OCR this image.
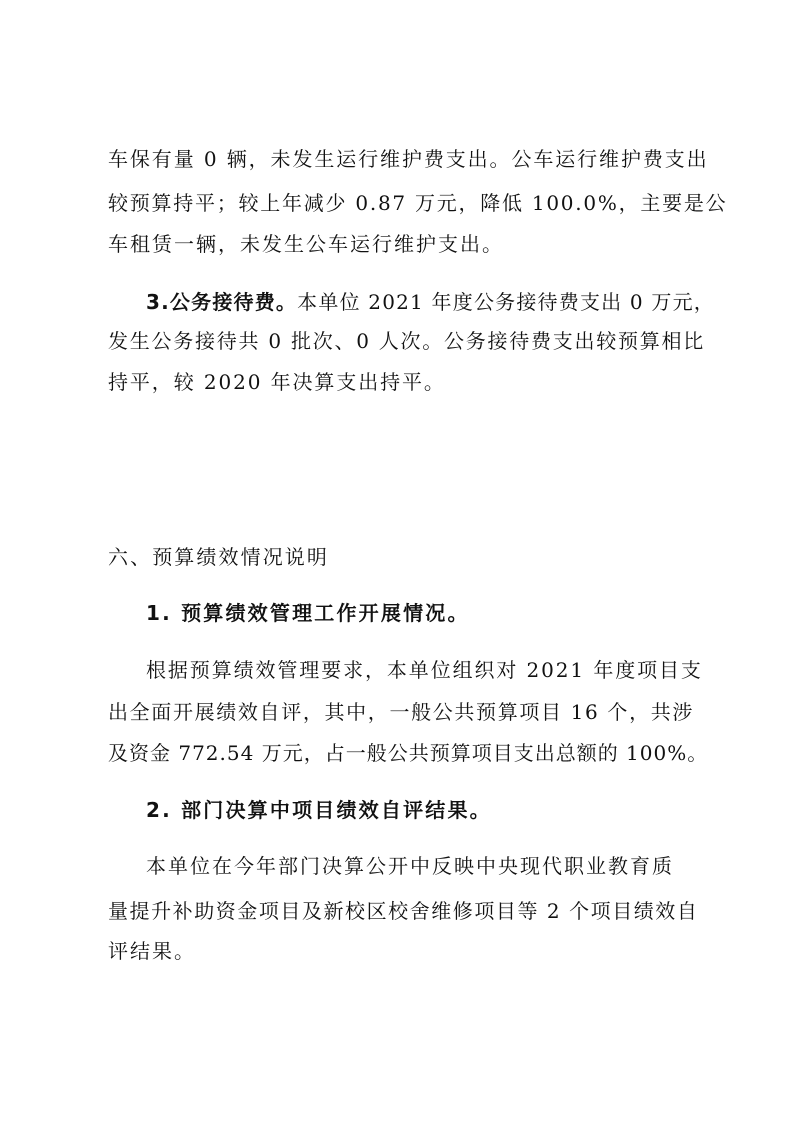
车保有量 0 辆，未发生运行维护费支出。公车运行维护费支出
较预算持平；较上年减少 0.87 万元，降低 100.0%，主要是公
车租赁一辆，未发生公车运行维护支出。
3.公务接待费。本单位 2021 年度公务接待费支出 0 万元，
发生公务接待共 0 批次、0 人次。公务接待费支出较预算相比
持平，较 2020 年决算支出持平。
六、预算绩效情况说明
1. 预算绩效管理工作开展情况。
根据预算绩效管理要求，本单位组织对 2021 年度项目支
出全面开展绩效自评，其中，一般公共预算项目 16 个，共涉
及资金 772.54 万元，占一般公共预算项目支出总额的 100%。
2. 部门决算中项目绩效自评结果。
本单位在今年部门决算公开中反映中央现代职业教育质
量提升补助资金项目及新校区校舍维修项目等 2 个项目绩效自
评结果。
